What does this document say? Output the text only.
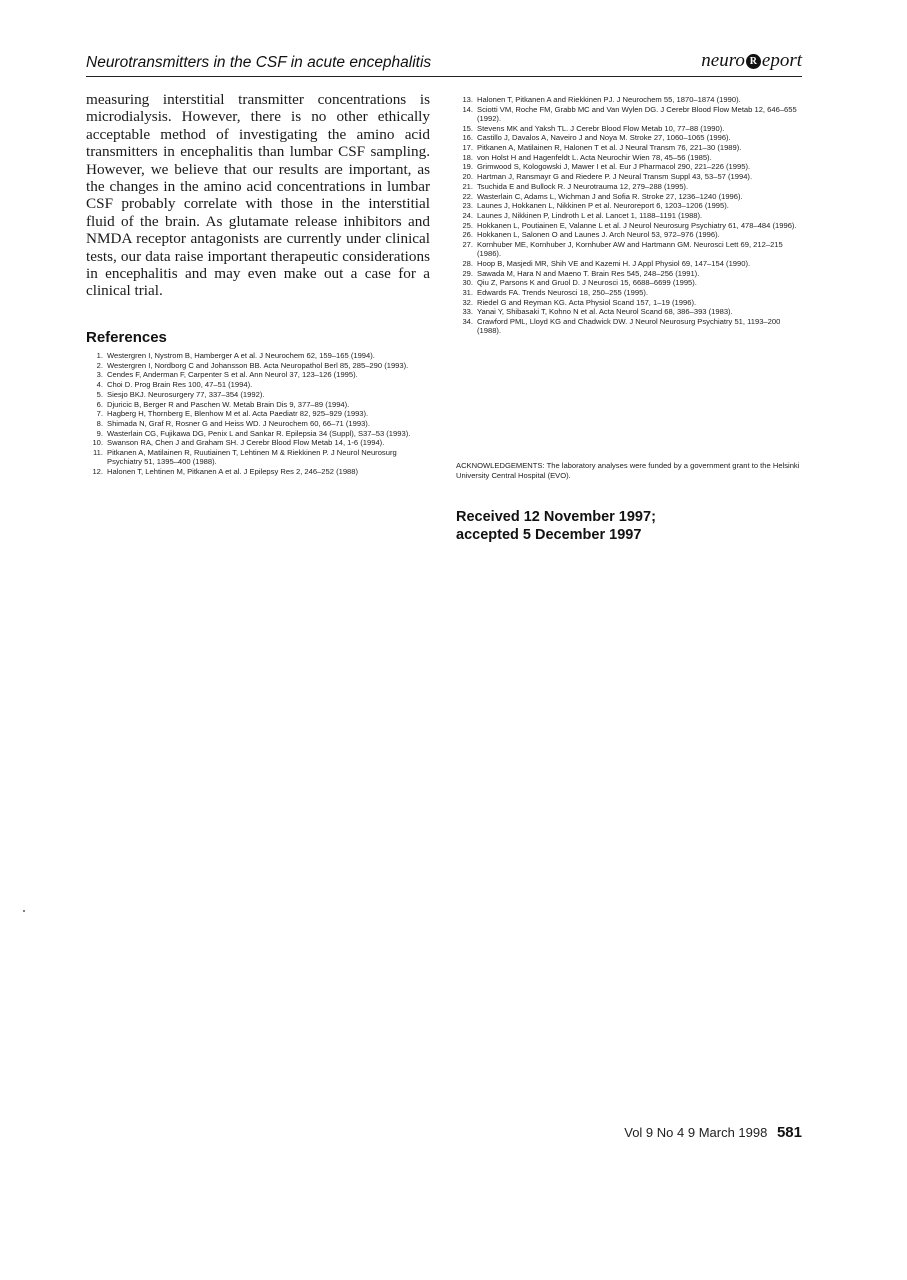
Neurotransmitters in the CSF in acute encephalitis	neuro R eport
measuring interstitial transmitter concentrations is microdialysis. However, there is no other ethically acceptable method of investigating the amino acid transmitters in encephalitis than lumbar CSF sampling. However, we believe that our results are important, as the changes in the amino acid concentrations in lumbar CSF probably correlate with those in the interstitial fluid of the brain. As glutamate release inhibitors and NMDA receptor antagonists are currently under clinical tests, our data raise important therapeutic considerations in encephalitis and may even make out a case for a clinical trial.
References
1. Westergren I, Nystrom B, Hamberger A et al. J Neurochem 62, 159–165 (1994).
2. Westergren I, Nordborg C and Johansson BB. Acta Neuropathol Berl 85, 285–290 (1993).
3. Cendes F, Anderman F, Carpenter S et al. Ann Neurol 37, 123–126 (1995).
4. Choi D. Prog Brain Res 100, 47–51 (1994).
5. Siesjo BKJ. Neurosurgery 77, 337–354 (1992).
6. Djuricic B, Berger R and Paschen W. Metab Brain Dis 9, 377–89 (1994).
7. Hagberg H, Thornberg E, Blenhow M et al. Acta Paediatr 82, 925–929 (1993).
8. Shimada N, Graf R, Rosner G and Heiss WD. J Neurochem 60, 66–71 (1993).
9. Wasterlain CG, Fujikawa DG, Penix L and Sankar R. Epilepsia 34 (Suppl), S37–53 (1993).
10. Swanson RA, Chen J and Graham SH. J Cerebr Blood Flow Metab 14, 1-6 (1994).
11. Pitkanen A, Matilainen R, Ruutiainen T, Lehtinen M & Riekkinen P. J Neurol Neurosurg Psychiatry 51, 1395–400 (1988).
12. Halonen T, Lehtinen M, Pitkanen A et al. J Epilepsy Res 2, 246–252 (1988)
13. Halonen T, Pitkanen A and Riekkinen PJ. J Neurochem 55, 1870–1874 (1990).
14. Sciotti VM, Roche FM, Grabb MC and Van Wylen DG. J Cerebr Blood Flow Metab 12, 646–655 (1992).
15. Stevens MK and Yaksh TL. J Cerebr Blood Flow Metab 10, 77–88 (1990).
16. Castillo J, Davalos A, Naveiro J and Noya M. Stroke 27, 1060–1065 (1996).
17. Pitkanen A, Matilainen R, Halonen T et al. J Neural Transm 76, 221–30 (1989).
18. von Holst H and Hagenfeldt L. Acta Neurochir Wien 78, 45–56 (1985).
19. Grimwood S, Kologowski J, Mawer I et al. Eur J Pharmacol 290, 221–226 (1995).
20. Hartman J, Ransmayr G and Riedere P. J Neural Transm Suppl 43, 53–57 (1994).
21. Tsuchida E and Bullock R. J Neurotrauma 12, 279–288 (1995).
22. Wasterlain C, Adams L, Wichman J and Sofia R. Stroke 27, 1236–1240 (1996).
23. Launes J, Hokkanen L, Nikkinen P et al. Neuroreport 6, 1203–1206 (1995).
24. Launes J, Nikkinen P, Lindroth L et al. Lancet 1, 1188–1191 (1988).
25. Hokkanen L, Poutiainen E, Valanne L et al. J Neurol Neurosurg Psychiatry 61, 478–484 (1996).
26. Hokkanen L, Salonen O and Launes J. Arch Neurol 53, 972–976 (1996).
27. Kornhuber ME, Kornhuber J, Kornhuber AW and Hartmann GM. Neurosci Lett 69, 212–215 (1986).
28. Hoop B, Masjedi MR, Shih VE and Kazemi H. J Appl Physiol 69, 147–154 (1990).
29. Sawada M, Hara N and Maeno T. Brain Res 545, 248–256 (1991).
30. Qiu Z, Parsons K and Gruol D. J Neurosci 15, 6688–6699 (1995).
31. Edwards FA. Trends Neurosci 18, 250–255 (1995).
32. Riedel G and Reyman KG. Acta Physiol Scand 157, 1–19 (1996).
33. Yanai Y, Shibasaki T, Kohno N et al. Acta Neurol Scand 68, 386–393 (1983).
34. Crawford PML, Lloyd KG and Chadwick DW. J Neurol Neurosurg Psychiatry 51, 1193–200 (1988).
ACKNOWLEDGEMENTS: The laboratory analyses were funded by a government grant to the Helsinki University Central Hospital (EVO).
Received 12 November 1997;
accepted 5 December 1997
Vol 9 No 4 9 March 1998 581
